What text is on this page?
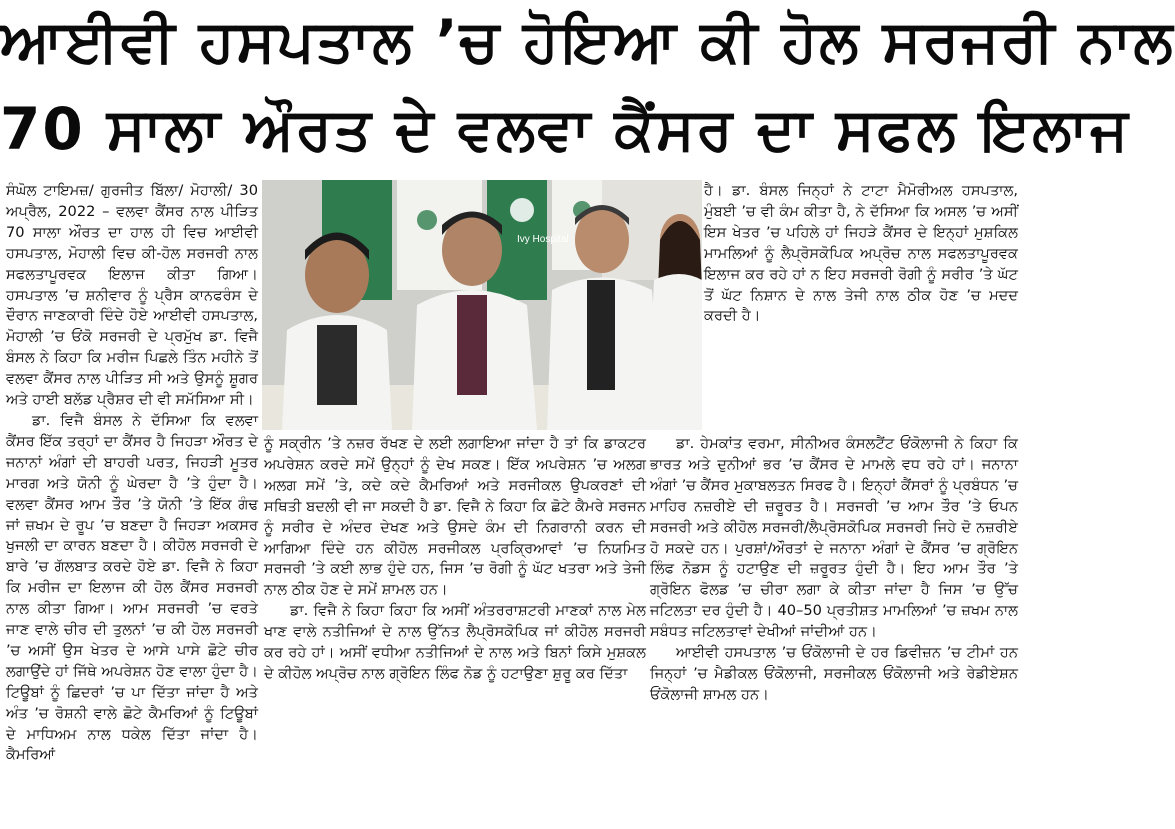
ਆਈਵੀ ਹਸਪਤਾਲ ’ਚ ਹੋਇਆ ਕੀ ਹੋਲ ਸਰਜਰੀ ਨਾਲ
70 ਸਾਲਾ ਔਰਤ ਦੇ ਵਲਵਾ ਕੈਂਸਰ ਦਾ ਸਫਲ ਇਲਾਜ
Ivy Hospital

ਸੰਘੋਲ ਟਾਇਮਜ਼/ ਗੁਰਜੀਤ ਬਿੱਲਾ/ ਮੋਹਾਲੀ/ 30 ਅਪ੍ਰੈਲ, 2022 – ਵਲਵਾ ਕੈਂਸਰ ਨਾਲ ਪੀੜਿਤ 70 ਸਾਲਾ ਔਰਤ ਦਾ ਹਾਲ ਹੀ ਵਿਚ ਆਈਵੀ ਹਸਪਤਾਲ, ਮੋਹਾਲੀ ਵਿਚ ਕੀ-ਹੋਲ ਸਰਜਰੀ ਨਾਲ ਸਫਲਤਾਪੂਰਵਕ ਇਲਾਜ ਕੀਤਾ ਗਿਆ। ਹਸਪਤਾਲ ’ਚ ਸ਼ਨੀਵਾਰ ਨੂੰ ਪ੍ਰੈਸ ਕਾਨਫਰੰਸ ਦੇ ਦੌਰਾਨ ਜਾਣਕਾਰੀ ਦਿੰਦੇ ਹੋਏ ਆਈਵੀ ਹਸਪਤਾਲ, ਮੋਹਾਲੀ ’ਚ ਓਂਕੋ ਸਰਜਰੀ ਦੇ ਪ੍ਰਮੁੱਖ ਡਾ. ਵਿਜੈ ਬੰਸਲ ਨੇ ਕਿਹਾ ਕਿ ਮਰੀਜ ਪਿਛਲੇ ਤਿੰਨ ਮਹੀਨੇ ਤੋਂ ਵਲਵਾ ਕੈਂਸਰ ਨਾਲ ਪੀੜਿਤ ਸੀ ਅਤੇ ਉਸਨੂੰ ਸ਼ੂਗਰ ਅਤੇ ਹਾਈ ਬਲੱਡ ਪ੍ਰੈਸ਼ਰ ਦੀ ਵੀ ਸਮੱਸਿਆ ਸੀ।

ਡਾ. ਵਿਜੈ ਬੰਸਲ ਨੇ ਦੱਸਿਆ ਕਿ ਵਲਵਾ ਕੈਂਸਰ ਇੱਕ ਤਰ੍ਹਾਂ ਦਾ ਕੈਂਸਰ ਹੈ ਜਿਹੜਾ ਔਰਤ ਦੇ ਜਨਾਨਾਂ ਅੰਗਾਂ ਦੀ ਬਾਹਰੀ ਪਰਤ, ਜਿਹੜੀ ਮੂਤਰ ਮਾਰਗ ਅਤੇ ਯੋਨੀ ਨੂੰ ਘੇਰਦਾ ਹੈ ’ਤੇ ਹੁੰਦਾ ਹੈ। ਵਲਵਾ ਕੈਂਸਰ ਆਮ ਤੌਰ ’ਤੇ ਯੋਨੀ ’ਤੇ ਇੱਕ ਗੰਢ ਜਾਂ ਜ਼ਖਮ ਦੇ ਰੂਪ ’ਚ ਬਣਦਾ ਹੈ ਜਿਹੜਾ ਅਕਸਰ ਖੁਜਲੀ ਦਾ ਕਾਰਨ ਬਣਦਾ ਹੈ। ਕੀਹੋਲ ਸਰਜਰੀ ਦੇ ਬਾਰੇ ’ਚ ਗੱਲਬਾਤ ਕਰਦੇ ਹੋਏ ਡਾ. ਵਿਜੈ ਨੇ ਕਿਹਾ ਕਿ ਮਰੀਜ ਦਾ ਇਲਾਜ ਕੀ ਹੋਲ ਕੈਂਸਰ ਸਰਜਰੀ ਨਾਲ ਕੀਤਾ ਗਿਆ। ਆਮ ਸਰਜਰੀ ’ਚ ਵਰਤੇ ਜਾਣ ਵਾਲੇ ਚੀਰ ਦੀ ਤੁਲਨਾਂ ’ਚ ਕੀ ਹੋਲ ਸਰਜਰੀ ’ਚ ਅਸੀਂ ਉਸ ਖੇਤਰ ਦੇ ਆਸੇ ਪਾਸੇ ਛੋਟੇ ਚੀਰ ਲਗਾਉਂਦੇ ਹਾਂ ਜਿੱਥੇ ਅਪਰੇਸ਼ਨ ਹੋਣ ਵਾਲਾ ਹੁੰਦਾ ਹੈ। ਟਿਊਬਾਂ ਨੂੰ ਛਿਦਰਾਂ ’ਚ ਪਾ ਦਿੱਤਾ ਜਾਂਦਾ ਹੈ ਅਤੇ ਅੰਤ ’ਚ ਰੋਸ਼ਨੀ ਵਾਲੇ ਛੋਟੇ ਕੈਮਰਿਆਂ ਨੂੰ ਟਿਊਬਾਂ ਦੇ ਮਾਧਿਅਮ ਨਾਲ ਧਕੇਲ ਦਿੱਤਾ ਜਾਂਦਾ ਹੈ। ਕੈਮਰਿਆਂ

ਹੈ। ਡਾ. ਬੰਸਲ ਜਿਨ੍ਹਾਂ ਨੇ ਟਾਟਾ ਮੈਮੋਰੀਅਲ ਹਸਪਤਾਲ, ਮੁੰਬਈ ’ਚ ਵੀ ਕੰਮ ਕੀਤਾ ਹੈ, ਨੇ ਦੱਸਿਆ ਕਿ ਅਸਲ ’ਚ ਅਸੀਂ ਇਸ ਖੇਤਰ ’ਚ ਪਹਿਲੇ ਹਾਂ ਜਿਹੜੇ ਕੈਂਸਰ ਦੇ ਇਨ੍ਹਾਂ ਮੁਸ਼ਕਿਲ ਮਾਮਲਿਆਂ ਨੂੰ ਲੈਪ੍ਰੋਸਕੋਪਿਕ ਅਪ੍ਰੋਚ ਨਾਲ ਸਫਲਤਾਪੂਰਵਕ ਇਲਾਜ ਕਰ ਰਹੇ ਹਾਂ ਨ ਇਹ ਸਰਜਰੀ ਰੋਗੀ ਨੂੰ ਸਰੀਰ ’ਤੇ ਘੱਟ ਤੋਂ ਘੱਟ ਨਿਸ਼ਾਨ ਦੇ ਨਾਲ ਤੇਜੀ ਨਾਲ ਠੀਕ ਹੋਣ ’ਚ ਮਦਦ ਕਰਦੀ ਹੈ।

ਨੂੰ ਸਕ੍ਰੀਨ ’ਤੇ ਨਜ਼ਰ ਰੱਖਣ ਦੇ ਲਈ ਲਗਾਇਆ ਜਾਂਦਾ ਹੈ ਤਾਂ ਕਿ ਡਾਕਟਰ ਅਪਰੇਸ਼ਨ ਕਰਦੇ ਸਮੇਂ ਉਨ੍ਹਾਂ ਨੂੰ ਦੇਖ ਸਕਣ। ਇੱਕ ਅਪਰੇਸ਼ਨ ’ਚ ਅਲਗ ਅਲਗ ਸਮੇਂ ’ਤੇ, ਕਦੇ ਕਦੇ ਕੈਮਰਿਆਂ ਅਤੇ ਸਰਜੀਕਲ ਉਪਕਰਣਾਂ ਦੀ ਸਥਿਤੀ ਬਦਲੀ ਵੀ ਜਾ ਸਕਦੀ ਹੈ ਡਾ. ਵਿਜੈ ਨੇ ਕਿਹਾ ਕਿ ਛੋਟੇ ਕੈਮਰੇ ਸਰਜਨ ਨੂੰ ਸਰੀਰ ਦੇ ਅੰਦਰ ਦੇਖਣ ਅਤੇ ਉਸਦੇ ਕੰਮ ਦੀ ਨਿਗਰਾਨੀ ਕਰਨ ਦੀ ਆਗਿਆ ਦਿੰਦੇ ਹਨ ਕੀਹੋਲ ਸਰਜੀਕਲ ਪ੍ਰਕ੍ਰਿਆਵਾਂ ’ਚ ਨਿਯਮਿਤ ਸਰਜਰੀ ’ਤੇ ਕਈ ਲਾਭ ਹੁੰਦੇ ਹਨ, ਜਿਸ ’ਚ ਰੋਗੀ ਨੂੰ ਘੱਟ ਖਤਰਾ ਅਤੇ ਤੇਜੀ ਨਾਲ ਠੀਕ ਹੋਣ ਦੇ ਸਮੇਂ ਸ਼ਾਮਲ ਹਨ।

ਡਾ. ਵਿਜੈ ਨੇ ਕਿਹਾ ਕਿਹਾ ਕਿ ਅਸੀਂ ਅੰਤਰਰਾਸ਼ਟਰੀ ਮਾਣਕਾਂ ਨਾਲ ਮੇਲ ਖਾਣ ਵਾਲੇ ਨਤੀਜਿਆਂ ਦੇ ਨਾਲ ਉੱਨਤ ਲੈਪ੍ਰੋਸਕੋਪਿਕ ਜਾਂ ਕੀਹੋਲ ਸਰਜਰੀ ਕਰ ਰਹੇ ਹਾਂ। ਅਸੀਂ ਵਧੀਆ ਨਤੀਜਿਆਂ ਦੇ ਨਾਲ ਅਤੇ ਬਿਨਾਂ ਕਿਸੇ ਮੁਸ਼ਕਲ ਦੇ ਕੀਹੋਲ ਅਪ੍ਰੋਚ ਨਾਲ ਗ੍ਰੋਇਨ ਲਿੰਫ ਨੋਡ ਨੂੰ ਹਟਾਉਣਾ ਸ਼ੁਰੂ ਕਰ ਦਿੱਤਾ

ਡਾ. ਹੇਮਕਾਂਤ ਵਰਮਾ, ਸੀਨੀਅਰ ਕੰਸਲਟੈਂਟ ਓਂਕੋਲਾਜੀ ਨੇ ਕਿਹਾ ਕਿ ਭਾਰਤ ਅਤੇ ਦੁਨੀਆਂ ਭਰ ’ਚ ਕੈਂਸਰ ਦੇ ਮਾਮਲੇ ਵਧ ਰਹੇ ਹਾਂ। ਜਨਾਨਾ ਅੰਗਾਂ ’ਚ ਕੈਂਸਰ ਮੁਕਾਬਲਤਨ ਸਿਰਫ ਹੈ। ਇਨ੍ਹਾਂ ਕੈਂਸਰਾਂ ਨੂੰ ਪ੍ਰਬੰਧਨ ’ਚ ਮਾਹਿਰ ਨਜ਼ਰੀਏ ਦੀ ਜ਼ਰੂਰਤ ਹੈ। ਸਰਜਰੀ ’ਚ ਆਮ ਤੌਰ ’ਤੇ ਓਪਨ ਸਰਜਰੀ ਅਤੇ ਕੀਹੋਲ ਸਰਜਰੀ/ਲੈਪ੍ਰੋਸਕੋਪਿਕ ਸਰਜਰੀ ਜਿਹੇ ਦੋ ਨਜ਼ਰੀਏ ਹੋ ਸਕਦੇ ਹਨ। ਪੁਰਸ਼ਾਂ/ਔਰਤਾਂ ਦੇ ਜਨਾਨਾ ਅੰਗਾਂ ਦੇ ਕੈਂਸਰ ’ਚ ਗ੍ਰੋਇਨ ਲਿੰਫ ਨੋਡਸ ਨੂੰ ਹਟਾਉਣ ਦੀ ਜ਼ਰੂਰਤ ਹੁੰਦੀ ਹੈ। ਇਹ ਆਮ ਤੌਰ ’ਤੇ ਗ੍ਰੋਇਨ ਫੋਲਡ ’ਚ ਚੀਰਾ ਲਗਾ ਕੇ ਕੀਤਾ ਜਾਂਦਾ ਹੈ ਜਿਸ ’ਚ ਉੱਚ ਜਟਿਲਤਾ ਦਰ ਹੁੰਦੀ ਹੈ। 40–50 ਪ੍ਰਤੀਸ਼ਤ ਮਾਮਲਿਆਂ ’ਚ ਜ਼ਖਮ ਨਾਲ ਸਬੰਧਤ ਜਟਿਲਤਾਵਾਂ ਦੇਖੀਆਂ ਜਾਂਦੀਆਂ ਹਨ।

ਆਈਵੀ ਹਸਪਤਾਲ ’ਚ ਓਂਕੋਲਾਜੀ ਦੇ ਹਰ ਡਿਵੀਜ਼ਨ ’ਚ ਟੀਮਾਂ ਹਨ ਜਿਨ੍ਹਾਂ ’ਚ ਮੈਡੀਕਲ ਓਂਕੋਲਾਜੀ, ਸਰਜੀਕਲ ਓਂਕੋਲਾਜੀ ਅਤੇ ਰੇਡੀਏਸ਼ਨ ਓਂਕੋਲਾਜੀ ਸ਼ਾਮਲ ਹਨ।
